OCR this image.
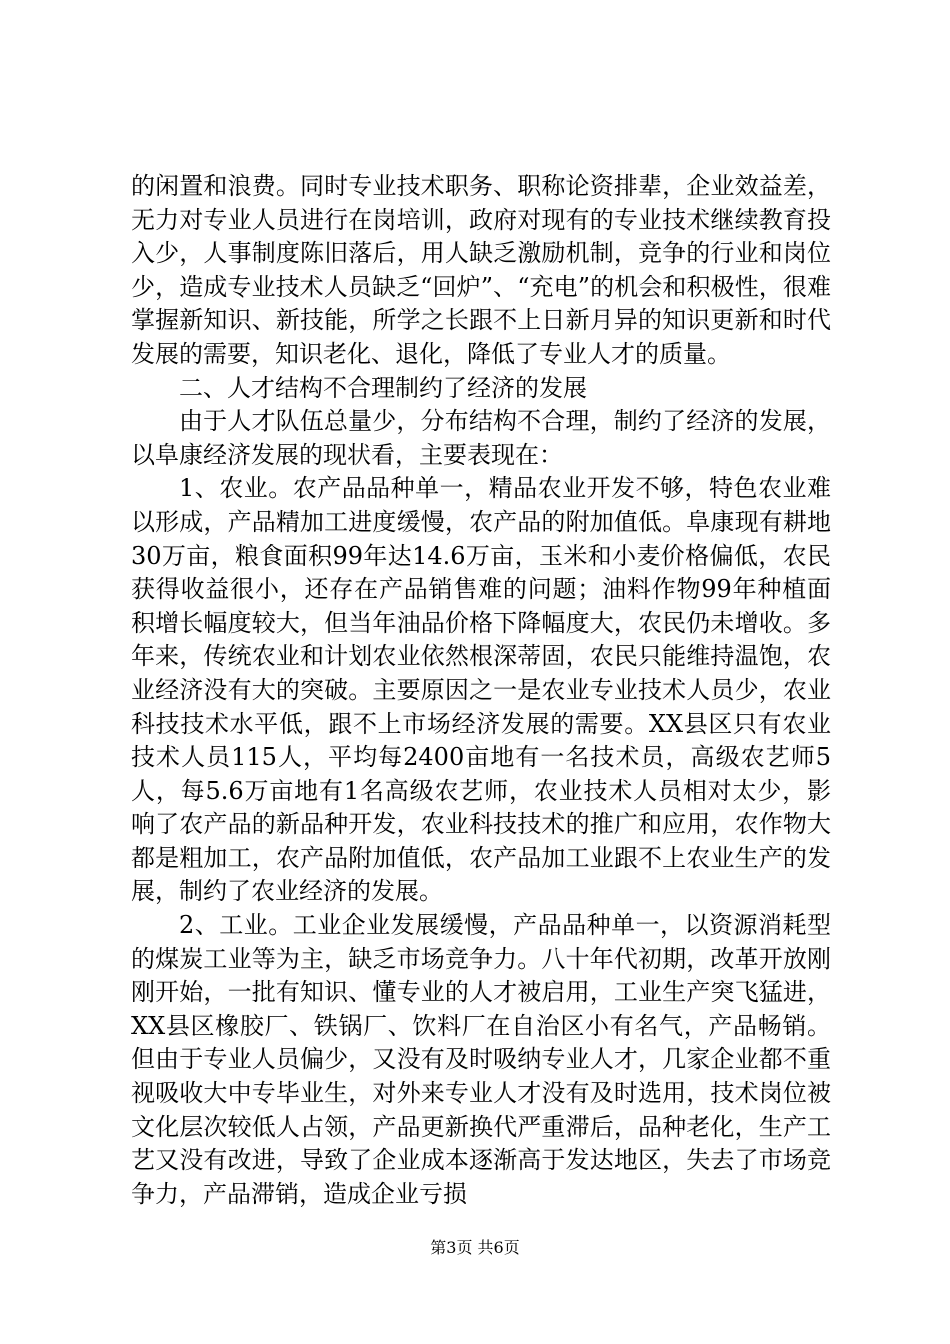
的闲置和浪费。同时专业技术职务、职称论资排辈，企业效益差，无力对专业人员进行在岗培训，政府对现有的专业技术继续教育投入少，人事制度陈旧落后，用人缺乏激励机制，竞争的行业和岗位少，造成专业技术人员缺乏“回炉”、“充电”的机会和积极性，很难掌握新知识、新技能，所学之长跟不上日新月异的知识更新和时代发展的需要，知识老化、退化，降低了专业人才的质量。

二、人才结构不合理制约了经济的发展

由于人才队伍总量少，分布结构不合理，制约了经济的发展，以阜康经济发展的现状看，主要表现在：

1、农业。农产品品种单一，精品农业开发不够，特色农业难以形成，产品精加工进度缓慢，农产品的附加值低。阜康现有耕地30万亩，粮食面积99年达14.6万亩，玉米和小麦价格偏低，农民获得收益很小，还存在产品销售难的问题；油料作物99年种植面积增长幅度较大，但当年油品价格下降幅度大，农民仍未增收。多年来，传统农业和计划农业依然根深蒂固，农民只能维持温饱，农业经济没有大的突破。主要原因之一是农业专业技术人员少，农业科技技术水平低，跟不上市场经济发展的需要。XX县区只有农业技术人员115人，平均每2400亩地有一名技术员，高级农艺师5人，每5.6万亩地有1名高级农艺师，农业技术人员相对太少，影响了农产品的新品种开发，农业科技技术的推广和应用，农作物大都是粗加工，农产品附加值低，农产品加工业跟不上农业生产的发展，制约了农业经济的发展。

2、工业。工业企业发展缓慢，产品品种单一，以资源消耗型的煤炭工业等为主，缺乏市场竞争力。八十年代初期，改革开放刚刚开始，一批有知识、懂专业的人才被启用，工业生产突飞猛进，XX县区橡胶厂、铁锅厂、饮料厂在自治区小有名气，产品畅销。但由于专业人员偏少，又没有及时吸纳专业人才，几家企业都不重视吸收大中专毕业生，对外来专业人才没有及时选用，技术岗位被文化层次较低人占领，产品更新换代严重滞后，品种老化，生产工艺又没有改进，导致了企业成本逐渐高于发达地区，失去了市场竞争力，产品滞销，造成企业亏损

第3页 共6页
